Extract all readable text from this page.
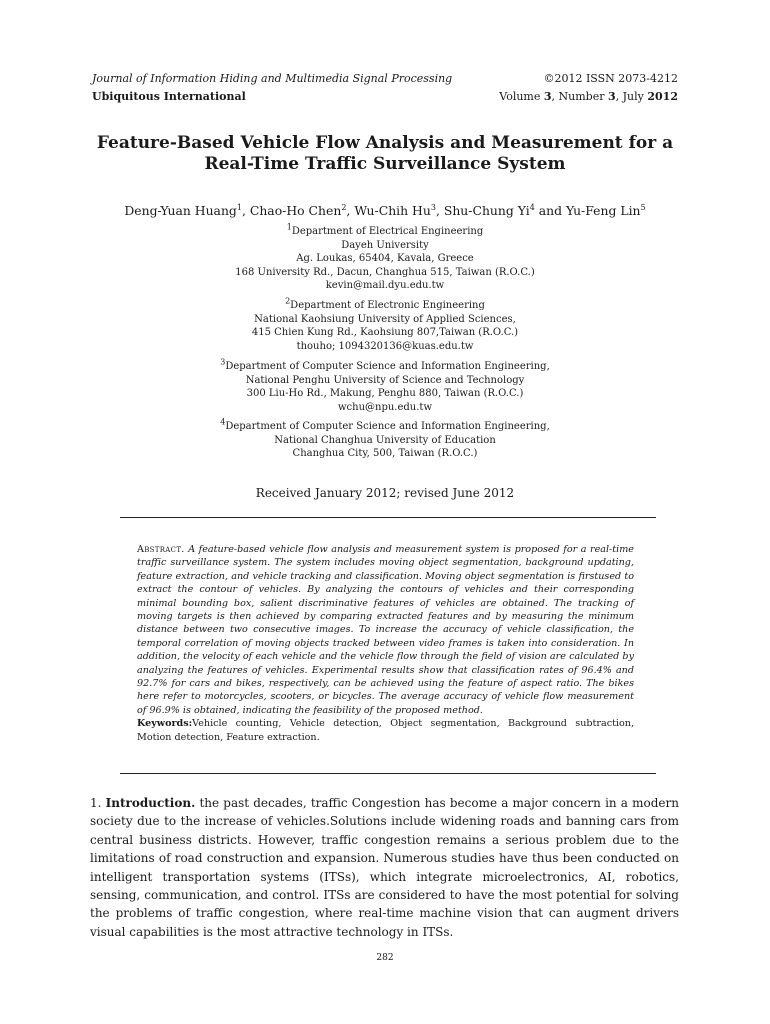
Journal of Information Hiding and Multimedia Signal Processing
Ubiquitous International
©2012 ISSN 2073-4212
Volume 3, Number 3, July 2012
Feature-Based Vehicle Flow Analysis and Measurement for a
Real-Time Traffic Surveillance System
Deng-Yuan Huang$^1$, Chao-Ho Chen$^2$, Wu-Chih Hu$^3$, Shu-Chung Yi$^4$ and Yu-Feng Lin$^5$
$^1$Department of Electrical Engineering
Dayeh University
Ag. Loukas, 65404, Kavala, Greece
168 University Rd., Dacun, Changhua 515, Taiwan (R.O.C.)
kevin@mail.dyu.edu.tw
$^2$Department of Electronic Engineering
National Kaohsiung University of Applied Sciences,
415 Chien Kung Rd., Kaohsiung 807,Taiwan (R.O.C.)
thouho; 1094320136@kuas.edu.tw
$^3$Department of Computer Science and Information Engineering,
National Penghu University of Science and Technology
300 Liu-Ho Rd., Makung, Penghu 880, Taiwan (R.O.C.)
wchu@npu.edu.tw
$^4$Department of Computer Science and Information Engineering,
National Changhua University of Education
Changhua City, 500, Taiwan (R.O.C.)
Received January 2012; revised June 2012
Abstract. A feature-based vehicle flow analysis and measurement system is proposed for a real-time traffic surveillance system. The system includes moving object segmentation, background updating, feature extraction, and vehicle tracking and classification. Moving object segmentation is firstused to extract the contour of vehicles. By analyzing the contours of vehicles and their corresponding minimal bounding box, salient discriminative features of vehicles are obtained. The tracking of moving targets is then achieved by comparing extracted features and by measuring the minimum distance between two consecutive images. To increase the accuracy of vehicle classification, the temporal correlation of moving objects tracked between video frames is taken into consideration. In addition, the velocity of each vehicle and the vehicle flow through the field of vision are calculated by analyzing the features of vehicles. Experimental results show that classification rates of 96.4% and 92.7% for cars and bikes, respectively, can be achieved using the feature of aspect ratio. The bikes here refer to motorcycles, scooters, or bicycles. The average accuracy of vehicle flow measurement of 96.9% is obtained, indicating the feasibility of the proposed method.
Keywords:Vehicle counting, Vehicle detection, Object segmentation, Background subtraction, Motion detection, Feature extraction.
1. Introduction. the past decades, traffic Congestion has become a major concern in a modern society due to the increase of vehicles.Solutions include widening roads and banning cars from central business districts. However, traffic congestion remains a serious problem due to the limitations of road construction and expansion. Numerous studies have thus been conducted on intelligent transportation systems (ITSs), which integrate microelectronics, AI, robotics, sensing, communication, and control. ITSs are considered to have the most potential for solving the problems of traffic congestion, where real-time machine vision that can augment drivers visual capabilities is the most attractive technology in ITSs.
282
